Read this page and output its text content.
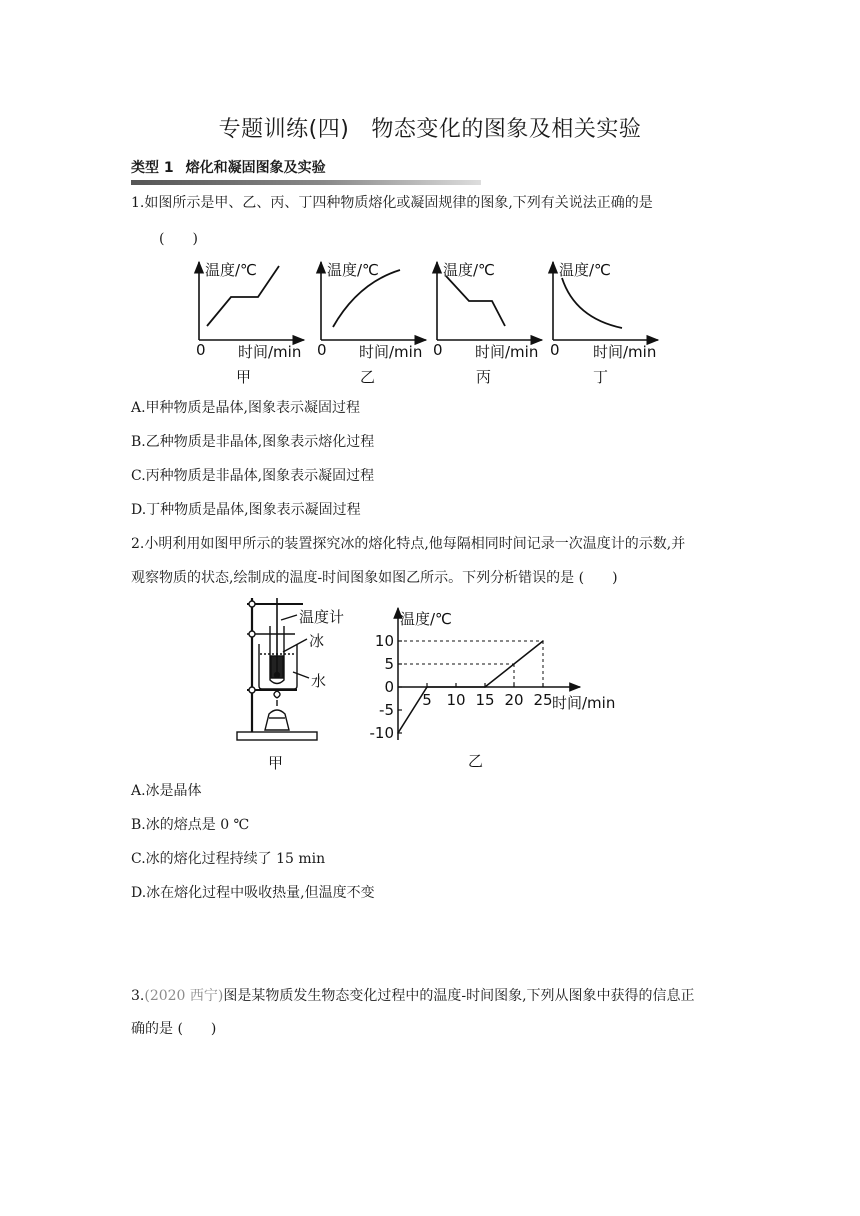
专题训练(四) 物态变化的图象及相关实验
类型 1 熔化和凝固图象及实验
1.如图所示是甲、乙、丙、丁四种物质熔化或凝固规律的图象,下列有关说法正确的是
(　　)
温度/℃
0 时间/min
甲
温度/℃
0 时间/min
乙
温度/℃
0 时间/min
丙
温度/℃
0 时间/min
丁
A.甲种物质是晶体,图象表示凝固过程
B.乙种物质是非晶体,图象表示熔化过程
C.丙种物质是非晶体,图象表示凝固过程
D.丁种物质是晶体,图象表示凝固过程
2.小明利用如图甲所示的装置探究冰的熔化特点,他每隔相同时间记录一次温度计的示数,并
观察物质的状态,绘制成的温度-时间图象如图乙所示。下列分析错误的是 (　　)
温度计
冰
水
甲
5 10 15 20 25
10
5
0
-5
-10
温度/℃
时间/min
乙
A.冰是晶体
B.冰的熔点是 0 ℃
C.冰的熔化过程持续了 15 min
D.冰在熔化过程中吸收热量,但温度不变
3.(2020 西宁)图是某物质发生物态变化过程中的温度-时间图象,下列从图象中获得的信息正
确的是 (　　)
